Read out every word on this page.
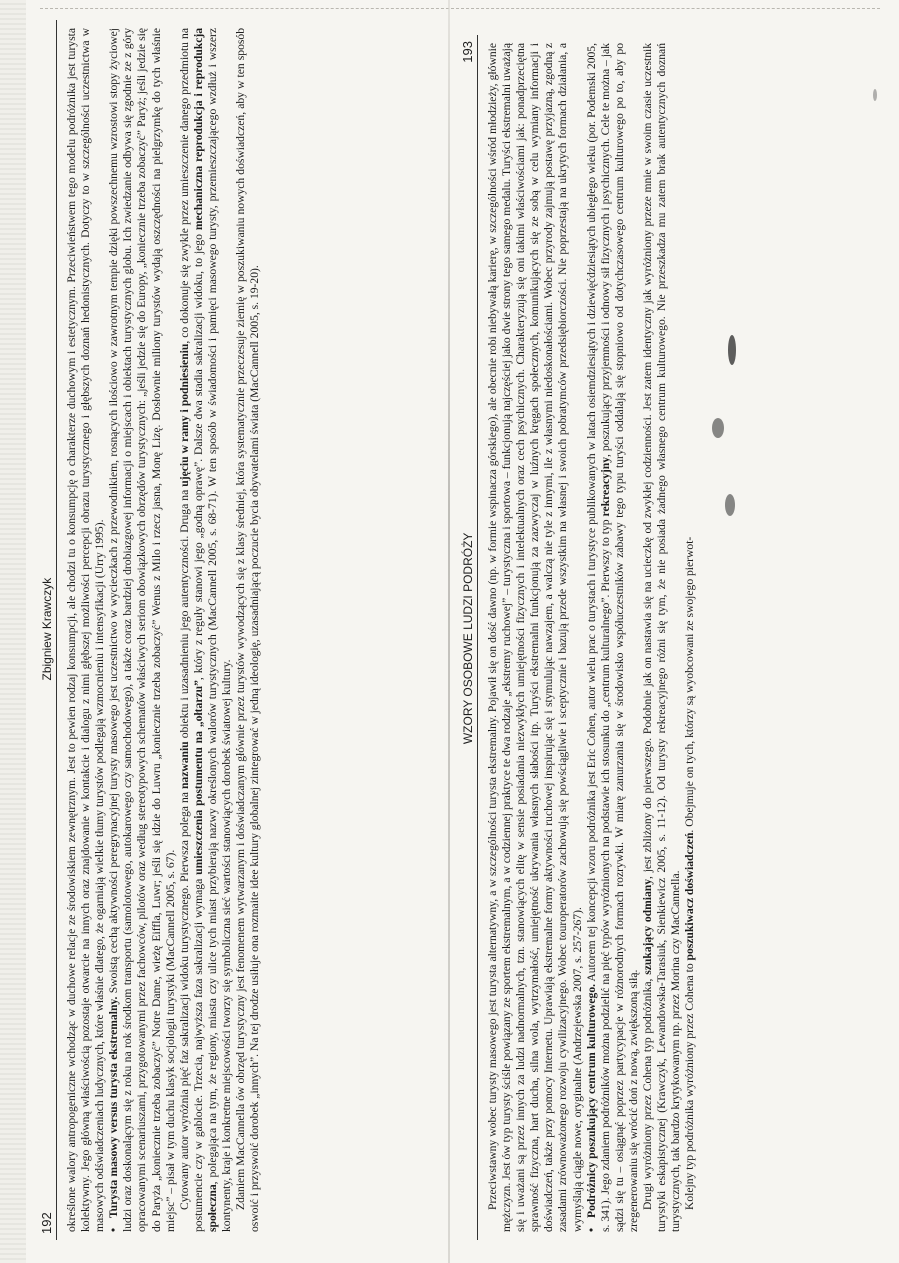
192
Zbigniew Krawczyk określone walory antropogeniczne wchodząc w duchowe relacje ze środowiskiem zewnętrznym. Jest to pewien rodzaj konsumpcji, ale chodzi tu o konsumpcję o charakterze duchowym i estetycznym. Przeciwieństwem tego modelu podróżnika jest turysta kolektywny. Jego główną właściwością pozostaje otwarcie na innych oraz znajdowanie w kontakcie i dialogu z nimi głębszej możliwości percepcji obrazu turystycznego i głębszych doznań hedonistycznych. Dotyczy to w szczególności uczestnictwa w masowych odświadczeniach ludycznych, które właśnie dlatego, że ogarniają wielkie tłumy turystów podlegają wzmocnieniu i intensyfikacji (Urry 1995). •Turysta masowy versus turysta ekstremalny. Swoistą cechą aktywności peregrynacyjnej turysty masowego jest uczestnictwo w wycieczkach z przewodnikiem, rosnących ilościowo w zawrotnym tempie dzięki powszechnemu wzrostowi stopy życiowej ludzi oraz doskonalącym się z roku na rok środkom transportu (samolotowego, autokarowego czy samochodowego), a także coraz bardziej drobiazgowej informacji o miejscach i obiektach turystycznych globu. Ich zwiedzanie odbywa się zgodnie ze z góry opracowanymi scenariuszami, przygotowanymi przez fachowców, pilotów oraz według stereotypowych schematów właściwych seriom obowiązkowych obrzędów turystycznych: „jeśli jedzie się do Europy, „koniecznie trzeba zobaczyć” Paryż; jeśli jedzie się do Paryża „koniecznie trzeba zobaczyć” Notre Dame, wieżę Eiffla, Luwr; jeśli się idzie do Luwru „koniecznie trzeba zobaczyć” Wenus z Milo i rzecz jasna, Monę Lizę. Dosłownie miliony turystów wydają oszczędności na pielgrzymkę do tych właśnie miejsc” – pisał w tym duchu klasyk socjologii turystyki (MacCannell 2005, s. 67). Cytowany autor wyróżnia pięć faz sakralizacji widoku turystycznego. Pierwsza polega na nazwaniu obiektu i uzasadnieniu jego autentyczności. Druga na ujęciu w ramy i podniesieniu, co dokonuje się zwykle przez umieszczenie danego przedmiotu na postumencie czy w gablocie. Trzecia, najwyższa faza sakralizacji wymaga umieszczenia postumentu na „ołtarzu”, który z reguły stanowi jego „godną oprawę”. Dalsze dwa stadia sakralizacji widoku, to jego mechaniczna reprodukcja i reprodukcja społeczna, polegająca na tym, że regiony, miasta czy ulice tych miast przybierają nazwy określonych walorów turystycznych (MacCannell 2005, s. 68-71). W ten sposób w świadomości i pamięci masowego turysty, przemieszczającego wzdłuż i wszerz kontynenty, kraje i konkretne miejscowości tworzy się symboliczna sieć wartości stanowiących dorobek światowej kultury. Zdaniem MacCannella ów obrzęd turystyczny jest fenomenem wytwarzanym i doświadczanym głównie przez turystów wywodzących się z klasy średniej, która systematycznie przeczesuje ziemię w poszukiwaniu nowych doświadczeń, aby w ten sposób oswoić i przyswoić dorobek „innych”. Na tej drodze usiłuje ona rozmaite idee kultury globalnej zintegrować w jedną ideologię, uzasadniającą poczucie bycia obywatelami świata (MacCannell 2005, s. 19-20).	WZORY OSOBOWE LUDZI PODRÓŻY
193 Przeciwstawny wobec turysty masowego jest turysta alternatywny, a w szczególności turysta ekstremalny. Pojawił się on dość dawno (np. w formie wspinacza górskiego), ale obecnie robi niebywałą karierę, w szczególności wśród młodzieży, głównie mężczyzn. Jest ów typ turysty ściśle powiązany ze sportem ekstremalnym, a w codziennej praktyce te dwa rodzaje „ekstremy ruchowej” – turystyczna i sportowa – funkcjonują najczęściej jako dwie strony tego samego medalu. Turyści ekstremalni uważają się i uważani są przez innych za ludzi nadnormalnych, tzn. stanowiących elitę w sensie posiadania niezwykłych umiejętności fizycznych i intelektualnych oraz cech psychicznych. Charakteryzują się oni takimi właściwościami jak: ponadprzeciętna sprawność fizyczna, hart ducha, silna wola, wytrzymałość, umiejętność ukrywania własnych słabości itp. Turyści ekstremalni funkcjonują za zazwyczaj w luźnych kręgach społecznych, komunikujących się ze sobą w celu wymiany informacji i doświadczeń, także przy pomocy Internetu. Uprawiają ekstremalne formy aktywności ruchowej inspirując się i stymulując nawzajem, a walczą nie tyle z innymi, ile z własnymi niedoskonałościami. Wobec przyrody zajmują postawę przyjazną, zgodną z zasadami zrównoważonego rozwoju cywilizacyjnego. Wobec touroperatorów zachowują się powściągliwie i sceptycznie i bazują przede wszystkim na własnej i swoich pobratymców przedsiębiorczości. Nie poprzestają na ukrytych formach działania, a wymyślają ciągle nowe, oryginalne (Andrzejewska 2007, s. 257-267). •Podróżnicy poszukujący centrum kulturowego. Autorem tej koncepcji wzoru podróżnika jest Eric Cohen, autor wielu prac o turystach i turystyce publikowanych w latach osiemdziesiątych i dziewięćdziesiątych ubiegłego wieku (por. Podemski 2005, s. 341). Jego zdaniem podróżników można podzielić na pięć typów wyróżnionych na podstawie ich stosunku do „centrum kulturalnego”. Pierwszy to typ rekreacyjny, poszukujący przyjemności i odnowy sił fizycznych i psychicznych. Cele te można – jak sądzi się tu – osiągnąć poprzez partycypacje w różnorodnych formach rozrywki. W miarę zanurzania się w środowisko współuczestników zabawy tego typu turyści oddalają się stopniowo od dotychczasowego centrum kulturowego po to, aby po zregenerowaniu się wrócić doń z nową, zwiększoną siłą. Drugi wyróżniony przez Cohena typ podróżnika, szukający odmiany, jest zbliżony do pierwszego. Podobnie jak on nastawia się na ucieczkę od zwykłej codzienności. Jest zatem identyczny jak wyróżniony przeze mnie w swoim czasie uczestnik turystyki eskapistycznej (Krawczyk, Lewandowska-Tarasiuk, Sienkiewicz 2005, s. 11-12). Od turysty rekreacyjnego różni się tym, że nie posiada żadnego własnego centrum kulturowego. Nie przeszkadza mu zatem brak autentycznych doznań turystycznych, tak bardzo krytykowanym np. przez Morina czy MacCannella. Kolejny typ podróżnika wyróżniony przez Cohena to poszukiwacz doświadczeń. Obejmuje on tych, którzy są wyobcowani ze swojego pierwot-
